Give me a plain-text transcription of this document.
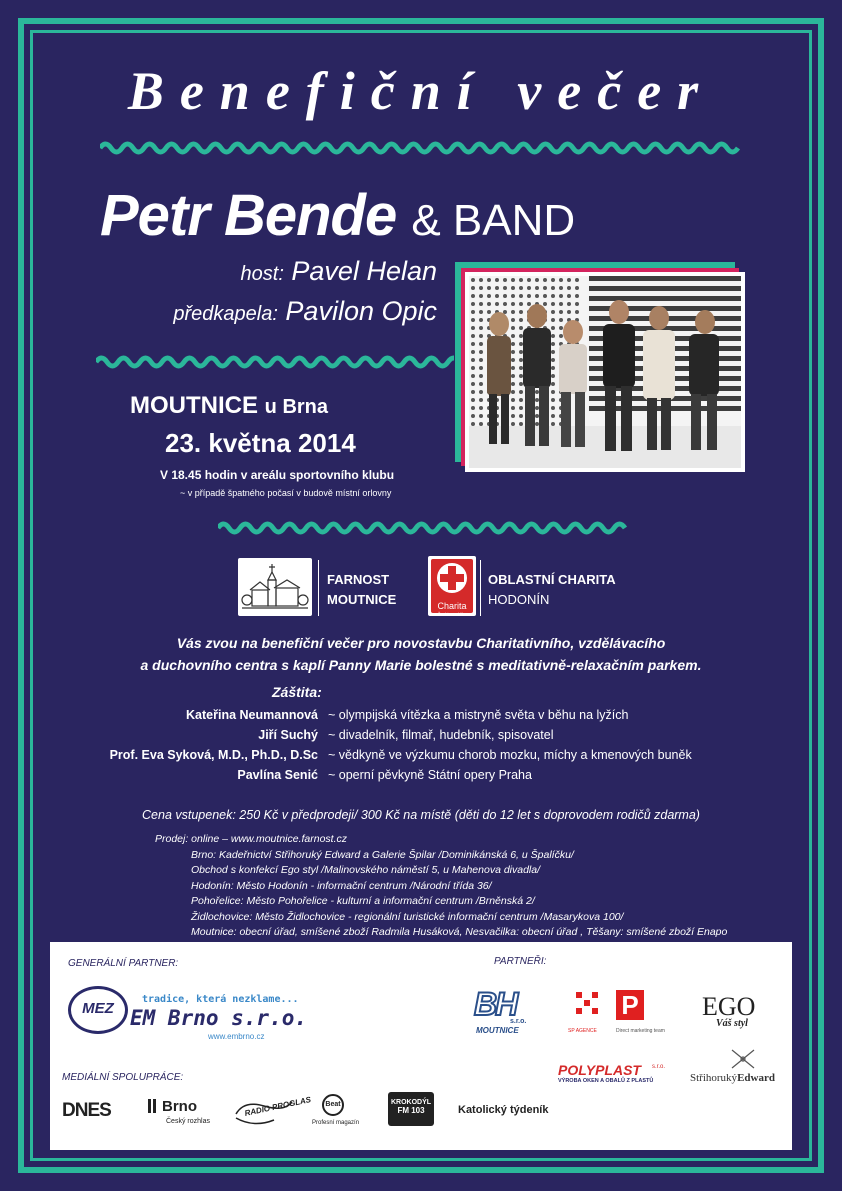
Benefiční večer
Petr Bende & BAND
host: Pavel Helan
předkapela: Pavilon Opic
MOUTNICE u Brna
23. května 2014
V 18.45 hodin v areálu sportovního klubu
~ v případě špatného počasí v budově místní orlovny
FARNOST
MOUTNICE	Charita
Česká republika
OBLASTNÍ CHARITA
HODONÍN
Vás zvou na benefiční večer pro novostavbu Charitativního, vzdělávacího
a duchovního centra s kaplí Panny Marie bolestné s meditativně-relaxačním parkem.
Záštita:
Kateřina Neumannová ~ olympijská vítězka a mistryně světa v běhu na lyžích
Jiří Suchý ~ divadelník, filmař, hudebník, spisovatel
Prof. Eva Syková, M.D., Ph.D., D.Sc ~ vědkyně ve výzkumu chorob mozku, míchy a kmenových buněk
Pavlína Senić ~ operní pěvkyně Státní opery Praha
Cena vstupenek: 250 Kč v předprodeji/ 300 Kč na místě (děti do 12 let s doprovodem rodičů zdarma)
Prodej: online – www.moutnice.farnost.cz
Brno: Kadeřnictví Střihoruký Edward a Galerie Špilar /Dominikánská 6, u Špalíčku/
Obchod s konfekcí Ego styl /Malinovského náměstí 5, u Mahenova divadla/
Hodonín: Město Hodonín - informační centrum /Národní třída 36/
Pohořelice: Město Pohořelice - kulturní a informační centrum /Brněnská 2/
Židlochovice: Město Židlochovice - regionální turistické informační centrum /Masarykova 100/
Moutnice: obecní úřad, smíšené zboží Radmila Husáková, Nesvačilka: obecní úřad , Těšany: smíšené zboží Enapo
GENERÁLNÍ PARTNER:	PARTNEŘI:
MEDIÁLNÍ SPOLUPRÁCE:
MEZ
tradice, která nezklame...
EM Brno s.r.o.
www.embrno.cz
BH
s.r.o.
MOUTNICE
P
SP AGENCE	Direct marketing team
EGO
Váš styl
POLYPLAST s.r.o.
VÝROBA OKEN A OBALŮ Z PLASTŮ	StřihorukýEdward
DNES	Brno
Český rozhlas
RADIO PROGLAS	Beat
Profesní magazín
KROKODÝL
FM 103	Katolický týdeník
